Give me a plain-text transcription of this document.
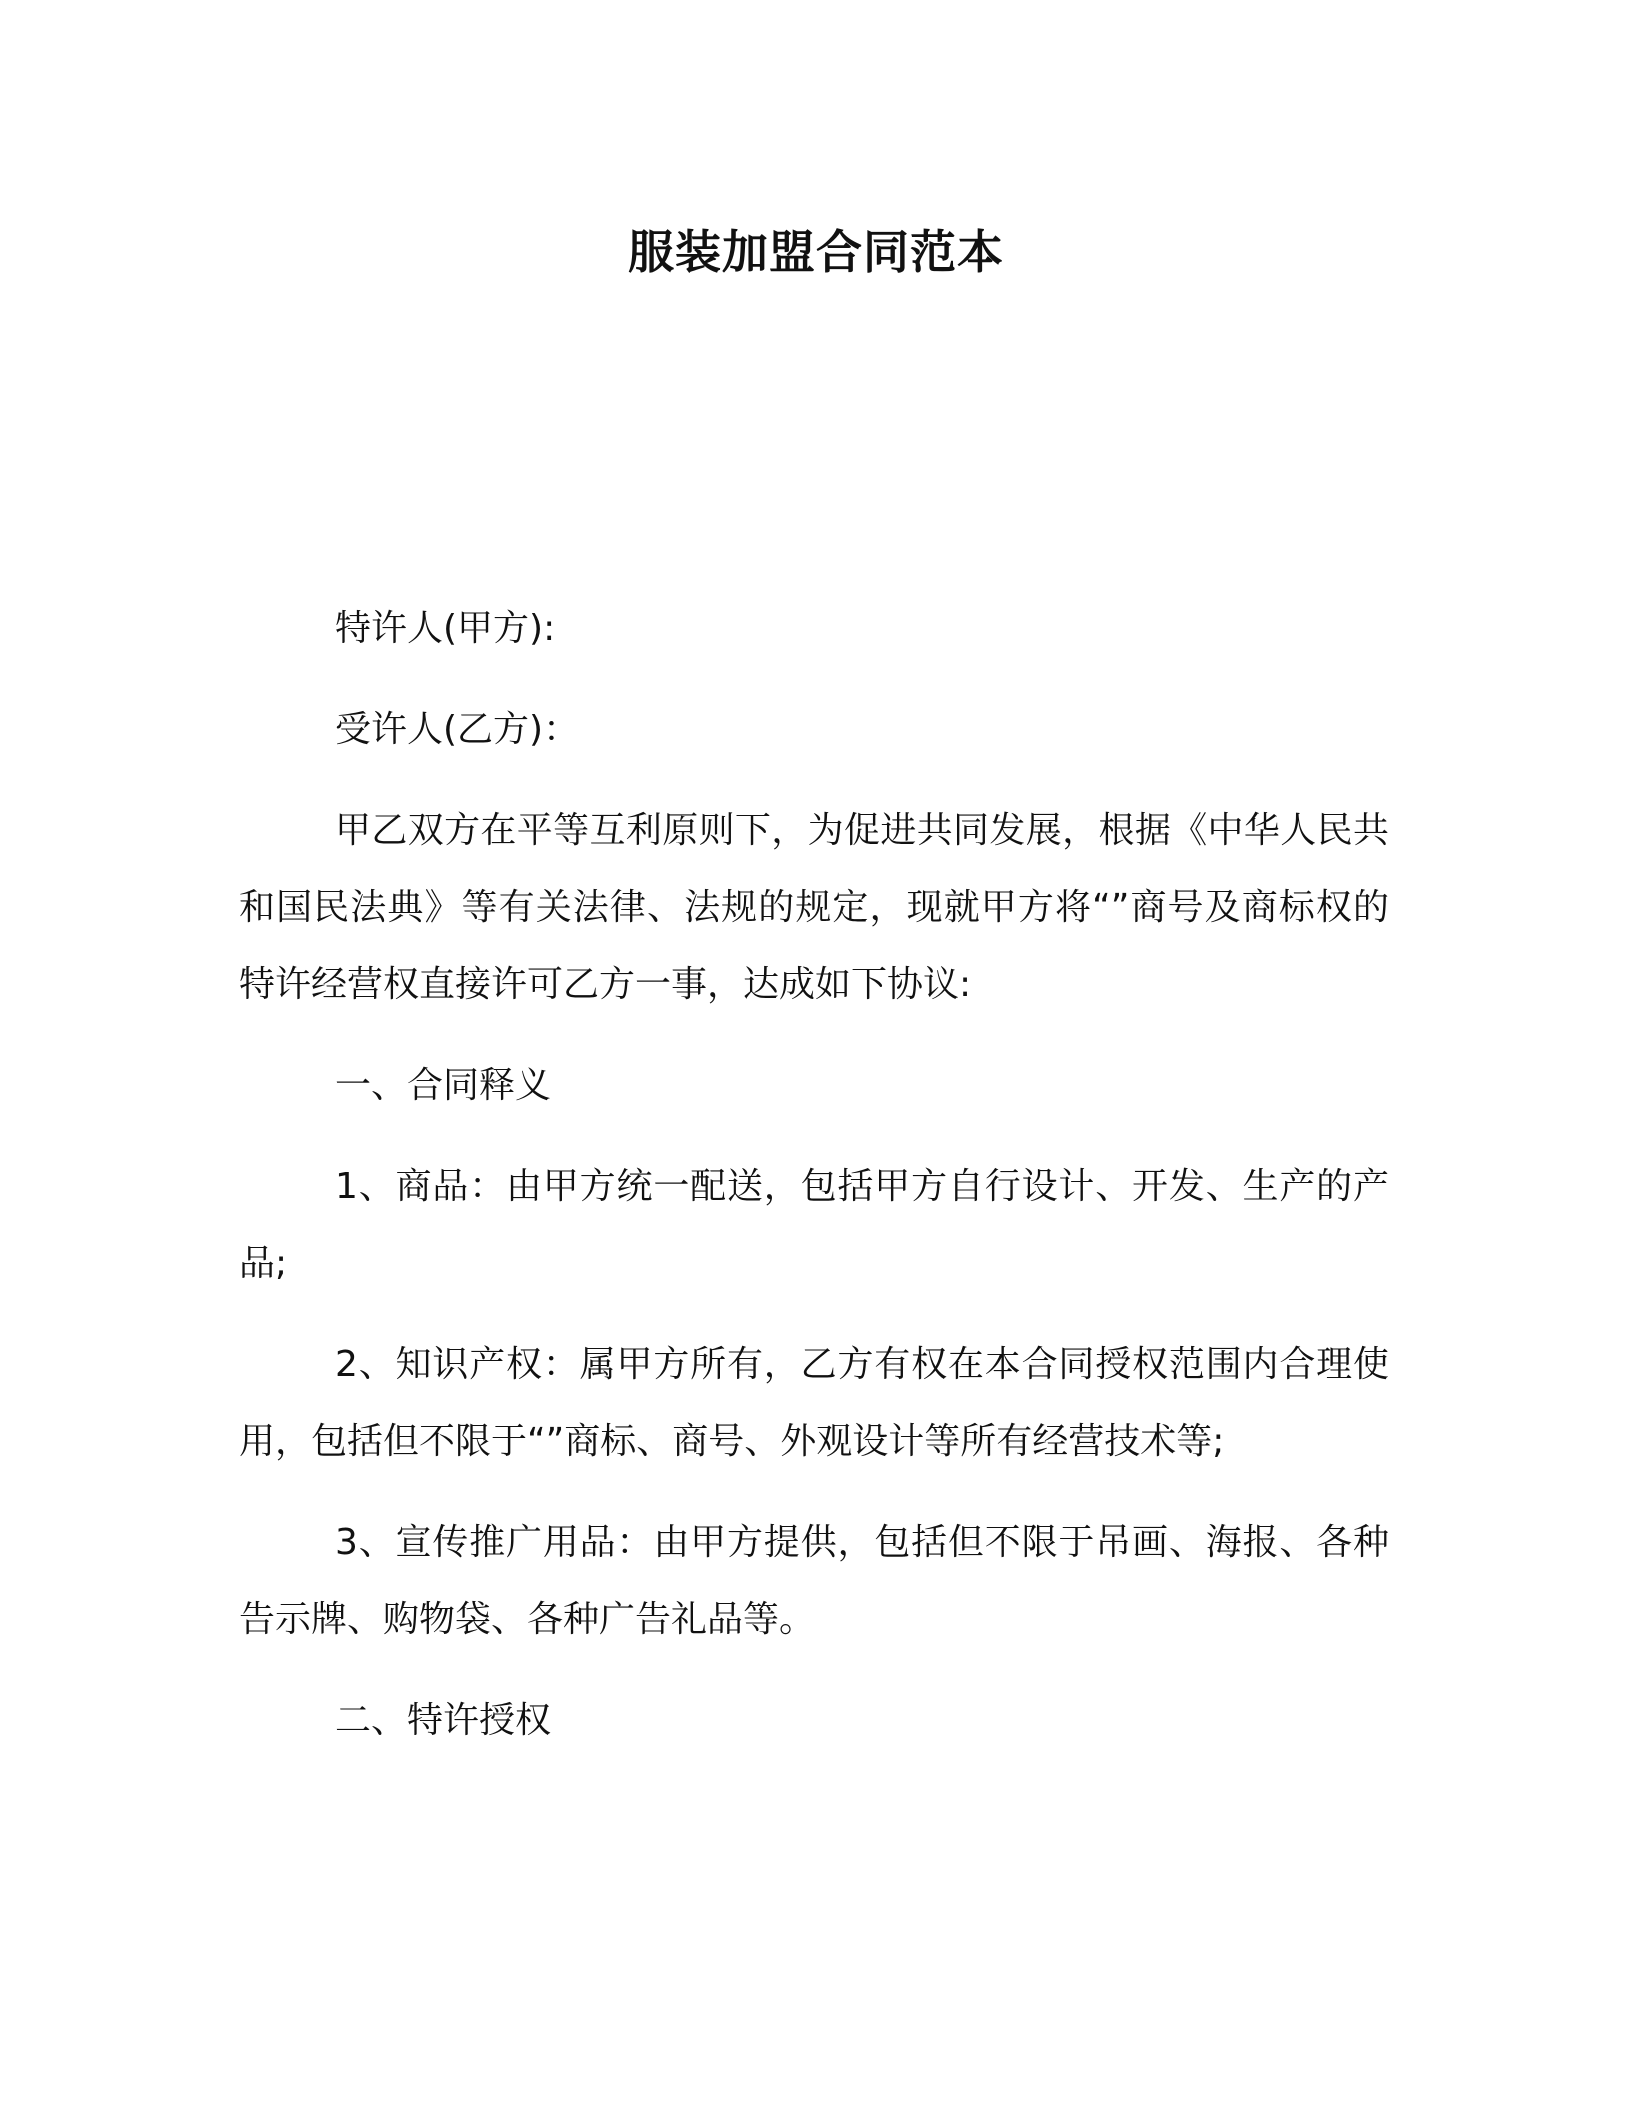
服装加盟合同范本

特许人(甲方):

受许人(乙方)：

甲乙双方在平等互利原则下，为促进共同发展，根据《中华人民共和国民法典》等有关法律、法规的规定，现就甲方将“”商号及商标权的特许经营权直接许可乙方一事，达成如下协议:

一、合同释义

1、商品：由甲方统一配送，包括甲方自行设计、开发、生产的产品;

2、知识产权：属甲方所有，乙方有权在本合同授权范围内合理使用，包括但不限于“”商标、商号、外观设计等所有经营技术等;

3、宣传推广用品：由甲方提供，包括但不限于吊画、海报、各种告示牌、购物袋、各种广告礼品等。

二、特许授权
